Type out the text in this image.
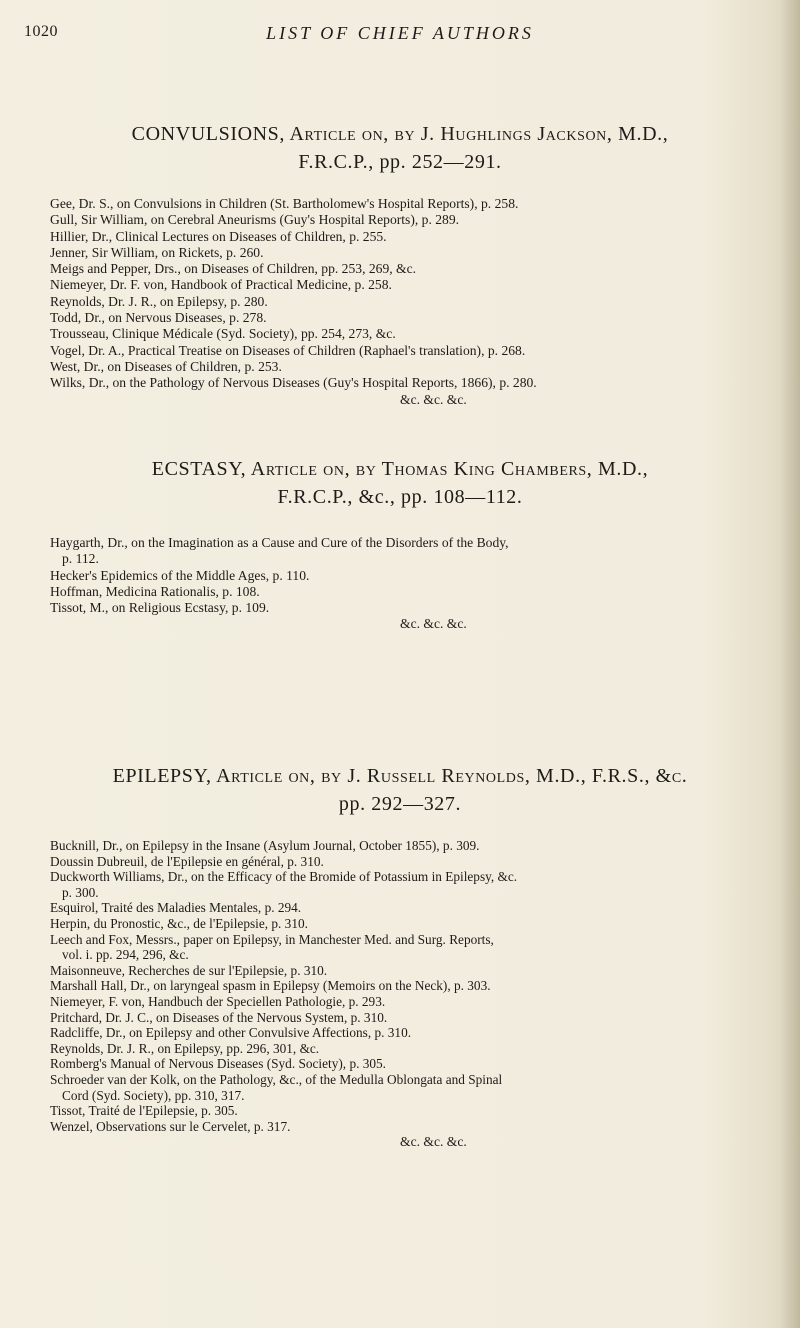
1020	LIST OF CHIEF AUTHORS
CONVULSIONS, Article on, by J. Hughlings Jackson, M.D.,
F.R.C.P., pp. 252—291.
Gee, Dr. S., on Convulsions in Children (St. Bartholomew's Hospital Reports), p. 258.
Gull, Sir William, on Cerebral Aneurisms (Guy's Hospital Reports), p. 289.
Hillier, Dr., Clinical Lectures on Diseases of Children, p. 255.
Jenner, Sir William, on Rickets, p. 260.
Meigs and Pepper, Drs., on Diseases of Children, pp. 253, 269, &c.
Niemeyer, Dr. F. von, Handbook of Practical Medicine, p. 258.
Reynolds, Dr. J. R., on Epilepsy, p. 280.
Todd, Dr., on Nervous Diseases, p. 278.
Trousseau, Clinique Médicale (Syd. Society), pp. 254, 273, &c.
Vogel, Dr. A., Practical Treatise on Diseases of Children (Raphael's translation), p. 268.
West, Dr., on Diseases of Children, p. 253.
Wilks, Dr., on the Pathology of Nervous Diseases (Guy's Hospital Reports, 1866), p. 280.
&c. &c. &c.
ECSTASY, Article on, by Thomas King Chambers, M.D.,
F.R.C.P., &c., pp. 108—112.
Haygarth, Dr., on the Imagination as a Cause and Cure of the Disorders of the Body,
p. 112.
Hecker's Epidemics of the Middle Ages, p. 110.
Hoffman, Medicina Rationalis, p. 108.
Tissot, M., on Religious Ecstasy, p. 109.
&c. &c. &c.
EPILEPSY, Article on, by J. Russell Reynolds, M.D., F.R.S., &c.
pp. 292—327.
Bucknill, Dr., on Epilepsy in the Insane (Asylum Journal, October 1855), p. 309.
Doussin Dubreuil, de l'Epilepsie en général, p. 310.
Duckworth Williams, Dr., on the Efficacy of the Bromide of Potassium in Epilepsy, &c.
p. 300.
Esquirol, Traité des Maladies Mentales, p. 294.
Herpin, du Pronostic, &c., de l'Epilepsie, p. 310.
Leech and Fox, Messrs., paper on Epilepsy, in Manchester Med. and Surg. Reports,
vol. i. pp. 294, 296, &c.
Maisonneuve, Recherches de sur l'Epilepsie, p. 310.
Marshall Hall, Dr., on laryngeal spasm in Epilepsy (Memoirs on the Neck), p. 303.
Niemeyer, F. von, Handbuch der Speciellen Pathologie, p. 293.
Pritchard, Dr. J. C., on Diseases of the Nervous System, p. 310.
Radcliffe, Dr., on Epilepsy and other Convulsive Affections, p. 310.
Reynolds, Dr. J. R., on Epilepsy, pp. 296, 301, &c.
Romberg's Manual of Nervous Diseases (Syd. Society), p. 305.
Schroeder van der Kolk, on the Pathology, &c., of the Medulla Oblongata and Spinal
Cord (Syd. Society), pp. 310, 317.
Tissot, Traité de l'Epilepsie, p. 305.
Wenzel, Observations sur le Cervelet, p. 317.
&c. &c. &c.
